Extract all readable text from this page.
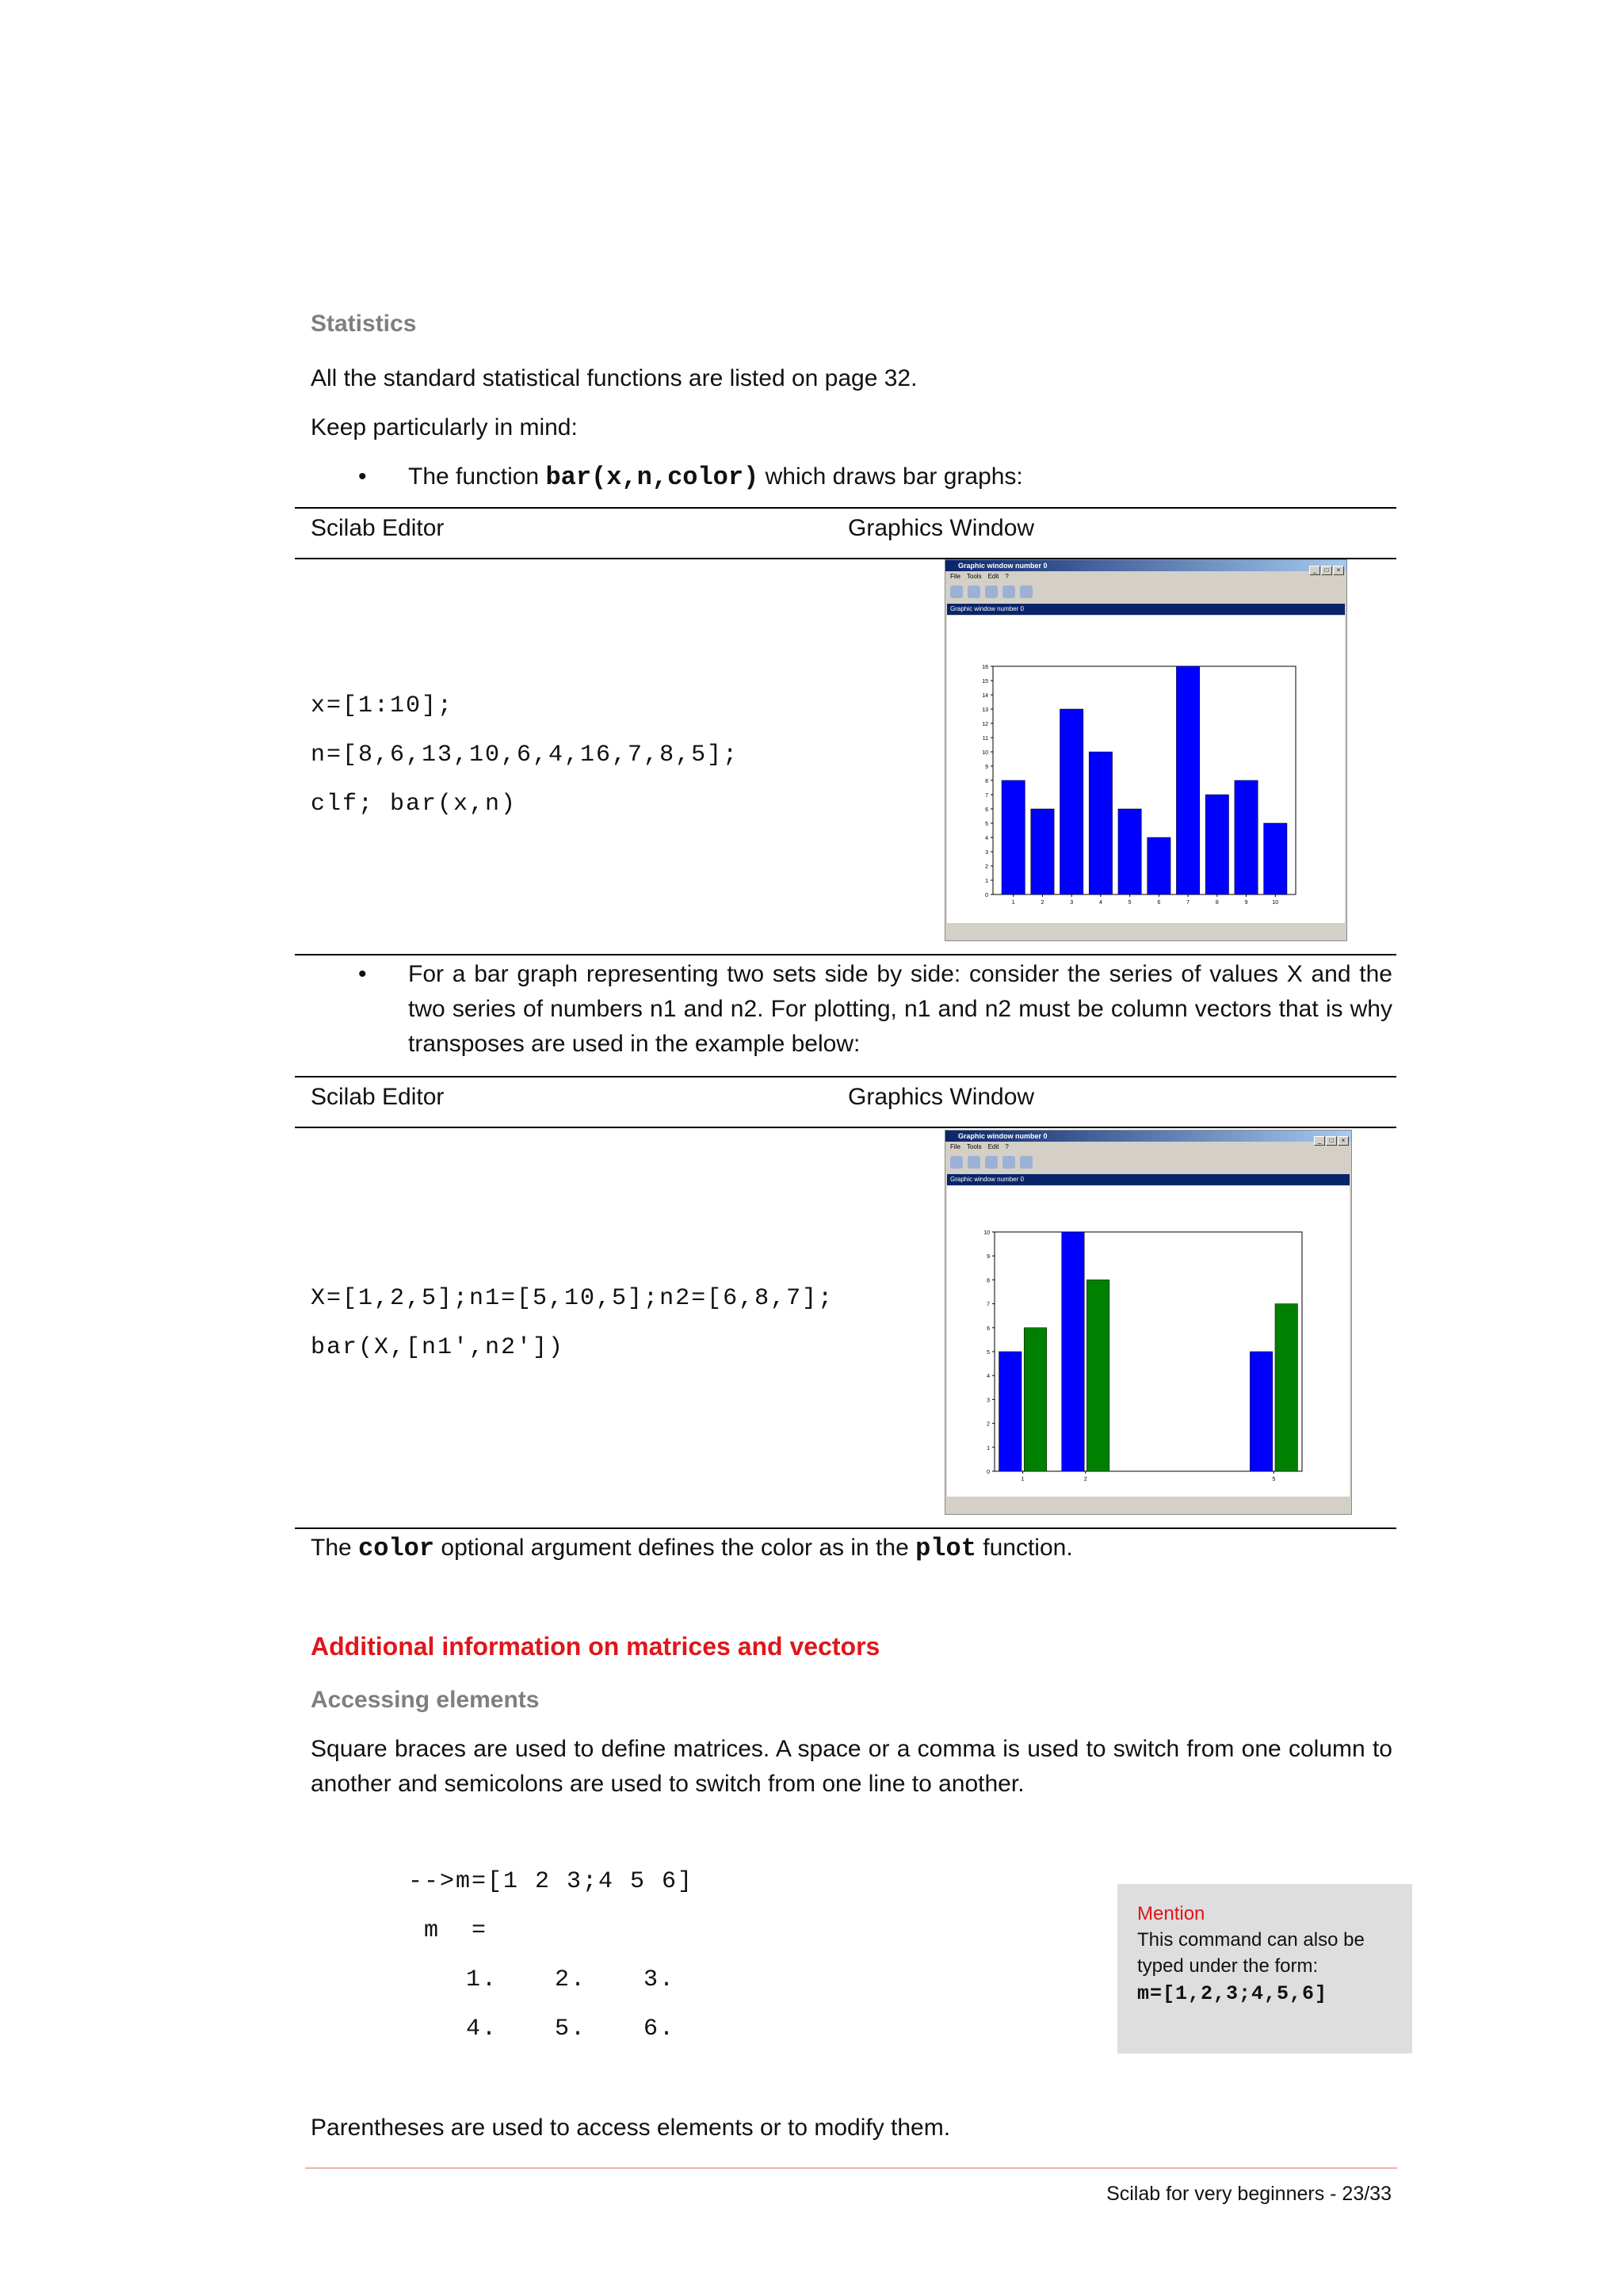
Statistics
All the standard statistical functions are listed on page 32.
Keep particularly in mind:
• The function bar(x,n,color) which draws bar graphs:
Scilab Editor	Graphics Window
x=[1:10];
n=[8,6,13,10,6,4,16,7,8,5];
clf; bar(x,n)
Graphic window number 0
_ □ ×
File Tools Edit ?
Graphic window number 0
0
1
2
3
4
5
6
7
8
9
10
11
12
13
14
15
16
1	2	3	4	5	6	7	8	9	10
• For a bar graph representing two sets side by side: consider the series of values X and the two series of numbers n1 and n2. For plotting, n1 and n2 must be column vectors that is why transposes are used in the example below:
Scilab Editor	Graphics Window
X=[1,2,5];n1=[5,10,5];n2=[6,8,7];
bar(X,[n1',n2'])
Graphic window number 0
_ □ ×
File Tools Edit ?
Graphic window number 0
0
1
2
3
4
5
6
7
8
9
10
1	2	5
The color optional argument defines the color as in the plot function.
Additional information on matrices and vectors
Accessing elements
Square braces are used to define matrices. A space or a comma is used to switch from one column to another and semicolons are used to switch from one line to another.
-->m=[1 2 3;4 5 6]
m  =
1. 2. 3.
4. 5. 6.
Mention
This command can also be typed under the form:
m=[1,2,3;4,5,6]
Parentheses are used to access elements or to modify them.
Scilab for very beginners - 23/33
